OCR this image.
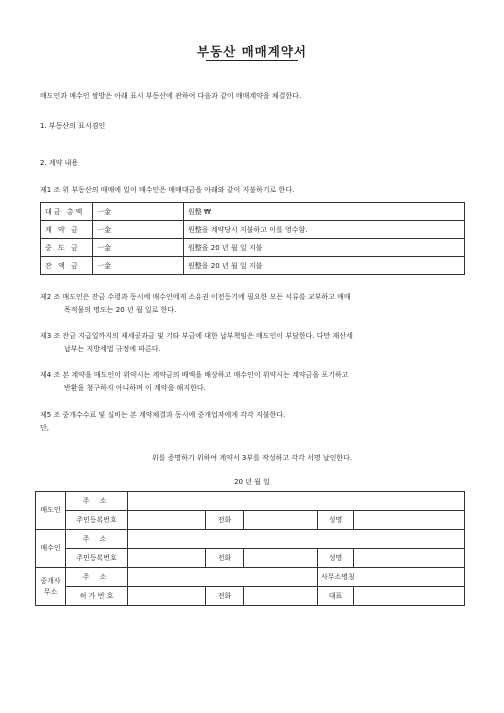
부동산 매매계약서
매도인과 매수인 쌍방은 아래 표시 부동산에 관하여 다음과 같이 매매계약을 체결한다.
1. 부동산의 표시겸인
2. 계약 내용
제1 조 위 부동산의 매매에 있어 매수인은 매매대금을 아래와 같이 지불하기로 한다.
대금 총액	一金	원整 ₩
계 약 금	一金	원整을 계약당시 지불하고 이를 영수함.
중 도 금	一金	원整을 20 년 월 일 지불
잔 액 금	一金	원整을 20 년 월 일 지불
제2 조 매도인은 잔금 수령과 동시에 매수인에게 소유권 이전등기에 필요한 모든 서류를 교부하고 매매
목적물의 명도는 20 년 월 일로 한다.
제3 조 잔금 지급일까지의 제세공과금 및 기타 부금에 대한 납부책임은 매도인이 부담한다. 다만 재산세
납부는 지방세법 규정에 따른다.
제4 조 본 계약을 매도인이 위약시는 계약금의 배액을 배상하고 매수인이 위약시는 계약금을 포기하고
반환을 청구하지 아니하며 이 계약을 해지한다.
제5 조 중개수수료 및 실비는 본 계약체결과 동시에 중개업자에게 각각 지불한다.
단,
위를 증명하기 위하여 계약서 3부를 작성하고 각각 서명 날인한다.
20 년 월 일
매도인	주 소					
	주민등록번호		전화		성명	
매수인	주 소					
	주민등록번호		전화		성명	
중개사무소	주 소				사무소명칭	
	허 가 번 호		전화		대표	
